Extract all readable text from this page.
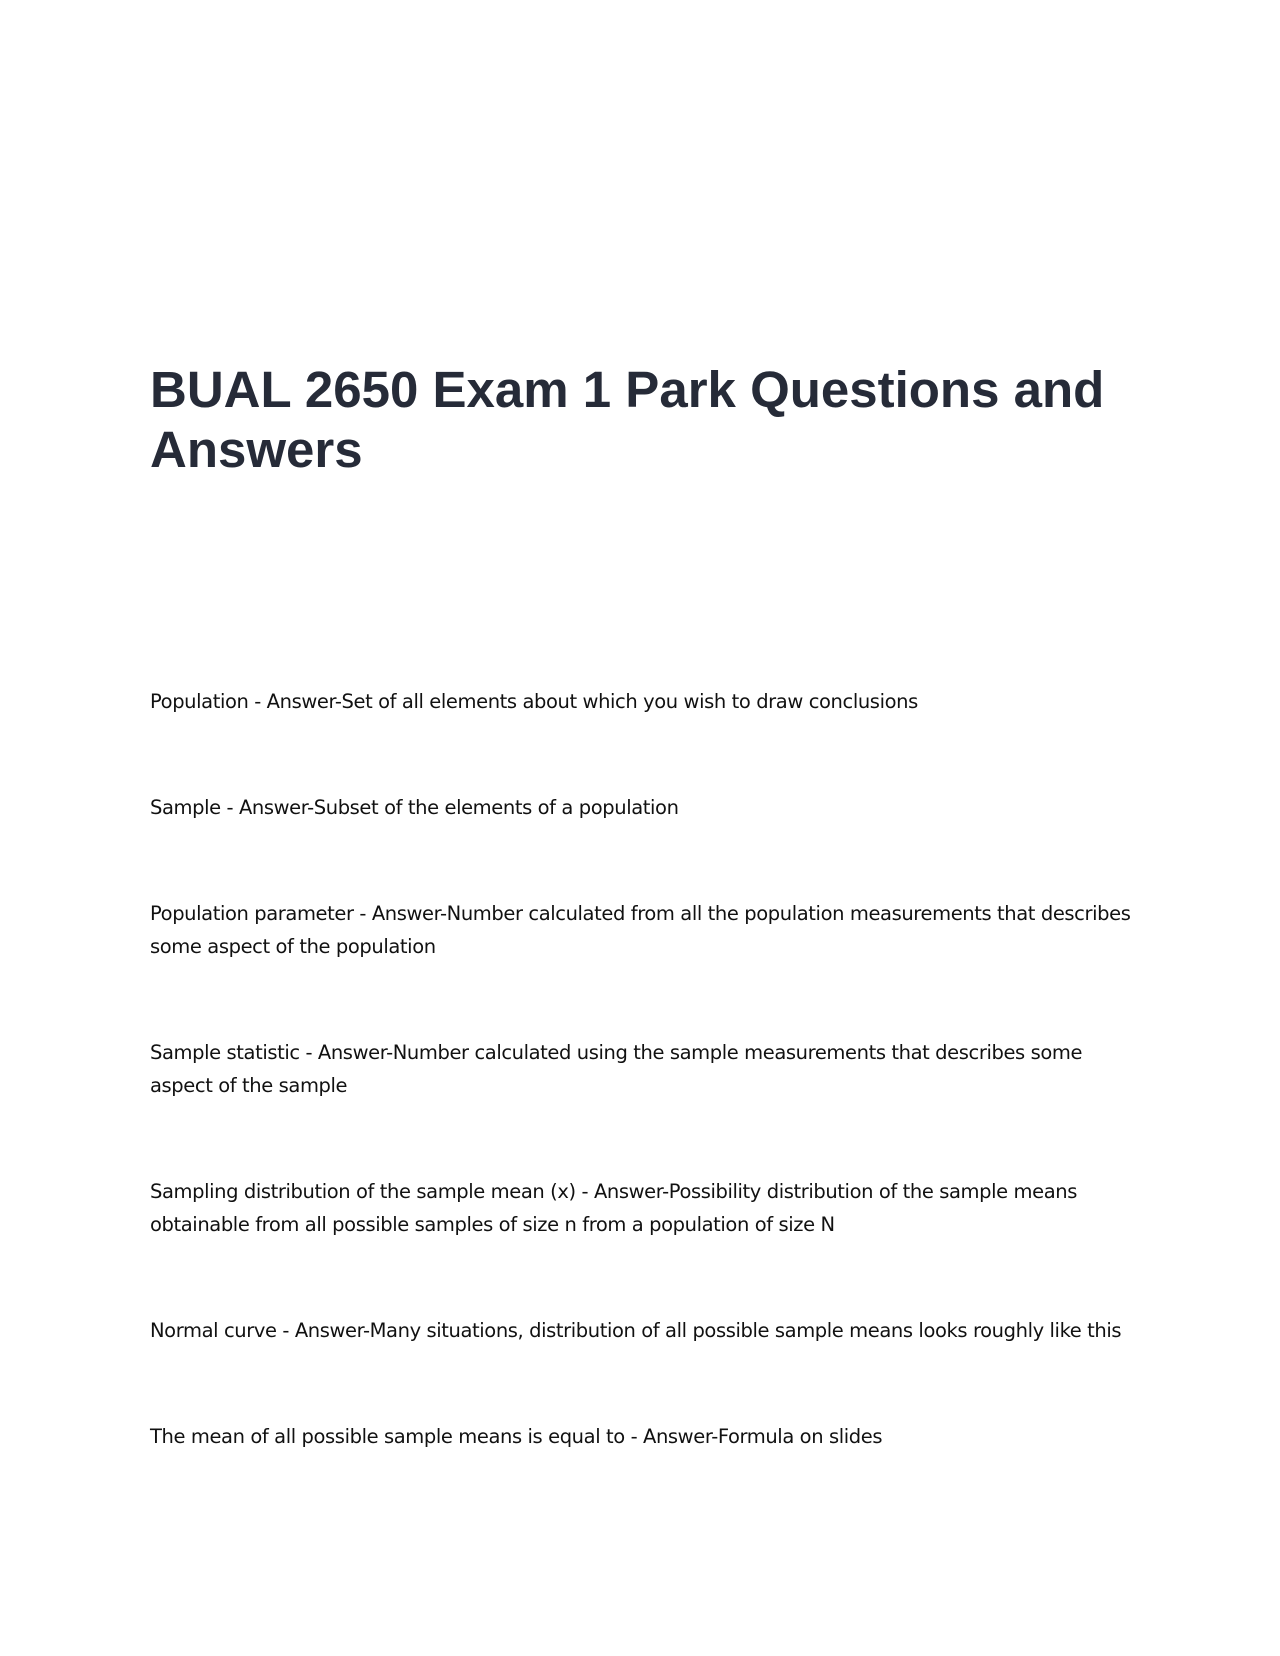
BUAL 2650 Exam 1 Park Questions and Answers
Population - Answer-Set of all elements about which you wish to draw conclusions
Sample - Answer-Subset of the elements of a population
Population parameter - Answer-Number calculated from all the population measurements that describes some aspect of the population
Sample statistic - Answer-Number calculated using the sample measurements that describes some aspect of the sample
Sampling distribution of the sample mean (x) - Answer-Possibility distribution of the sample means obtainable from all possible samples of size n from a population of size N
Normal curve - Answer-Many situations, distribution of all possible sample means looks roughly like this
The mean of all possible sample means is equal to - Answer-Formula on slides
